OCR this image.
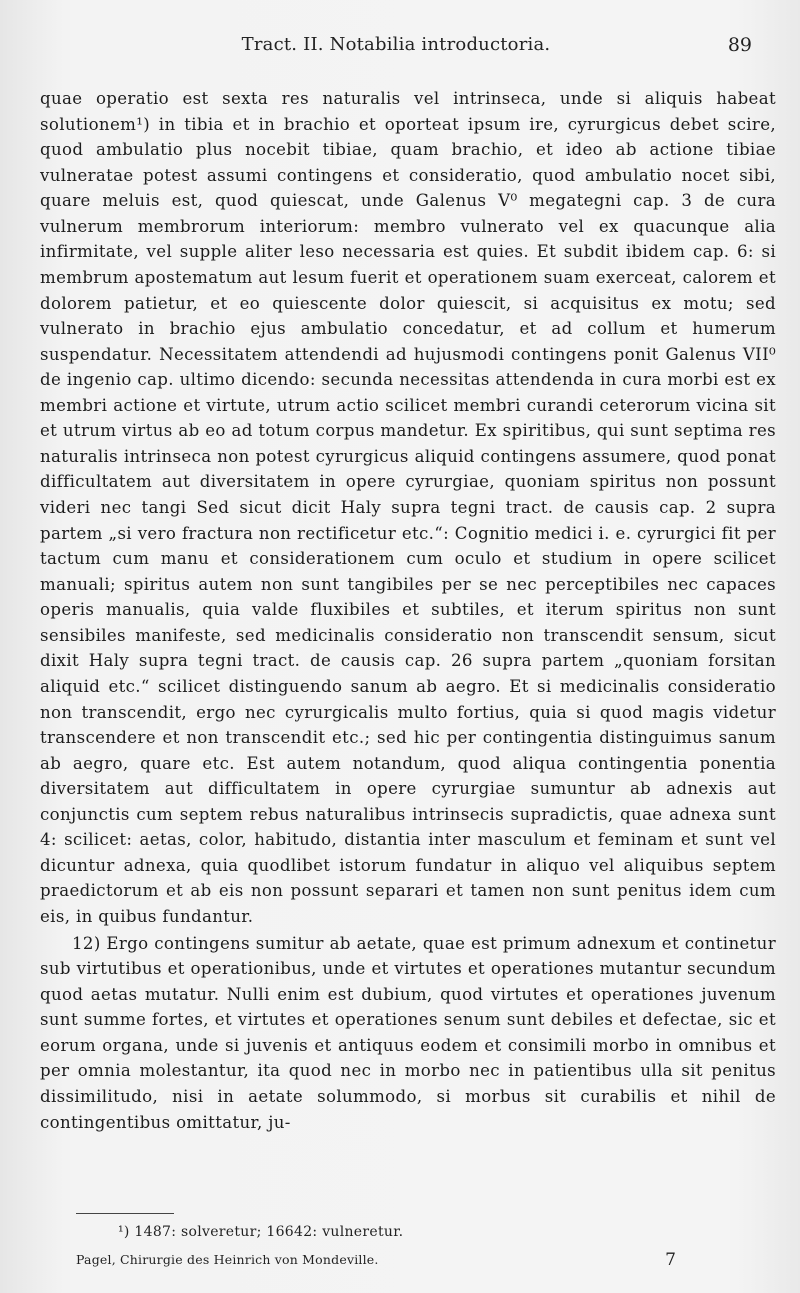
Tract. II. Notabilia introductoria.	89

quae operatio est sexta res naturalis vel intrinseca, unde si aliquis habeat solutionem¹) in tibia et in brachio et oporteat ipsum ire, cyrurgicus debet scire, quod ambulatio plus nocebit tibiae, quam brachio, et ideo ab actione tibiae vulneratae potest assumi contingens et consideratio, quod ambulatio nocet sibi, quare meluis est, quod quiescat, unde Galenus V⁰ megategni cap. 3 de cura vulnerum membrorum interiorum: membro vulnerato vel ex quacunque alia infirmitate, vel supple aliter leso necessaria est quies. Et subdit ibidem cap. 6: si membrum apostematum aut lesum fuerit et operationem suam exerceat, calorem et dolorem patietur, et eo quiescente dolor quiescit, si acquisitus ex motu; sed vulnerato in brachio ejus ambulatio concedatur, et ad collum et humerum suspendatur. Necessitatem attendendi ad hujusmodi contingens ponit Galenus VII⁰ de ingenio cap. ultimo dicendo: secunda necessitas attendenda in cura morbi est ex membri actione et virtute, utrum actio scilicet membri curandi ceterorum vicina sit et utrum virtus ab eo ad totum corpus mandetur. Ex spiritibus, qui sunt septima res naturalis intrinseca non potest cyrurgicus aliquid contingens assumere, quod ponat difficultatem aut diversitatem in opere cyrurgiae, quoniam spiritus non possunt videri nec tangi Sed sicut dicit Haly supra tegni tract. de causis cap. 2 supra partem „si vero fractura non rectificetur etc.“: Cognitio medici i. e. cyrurgici fit per tactum cum manu et considerationem cum oculo et studium in opere scilicet manuali; spiritus autem non sunt tangibiles per se nec perceptibiles nec capaces operis manualis, quia valde fluxibiles et subtiles, et iterum spiritus non sunt sensibiles manifeste, sed medicinalis consideratio non transcendit sensum, sicut dixit Haly supra tegni tract. de causis cap. 26 supra partem „quoniam forsitan aliquid etc.“ scilicet distinguendo sanum ab aegro. Et si medicinalis consideratio non transcendit, ergo nec cyrurgicalis multo fortius, quia si quod magis videtur transcendere et non transcendit etc.; sed hic per contingentia distinguimus sanum ab aegro, quare etc. Est autem notandum, quod aliqua contingentia ponentia diversitatem aut difficultatem in opere cyrurgiae sumuntur ab adnexis aut conjunctis cum septem rebus naturalibus intrinsecis supradictis, quae adnexa sunt 4: scilicet: aetas, color, habitudo, distantia inter masculum et feminam et sunt vel dicuntur adnexa, quia quodlibet istorum fundatur in aliquo vel aliquibus septem praedictorum et ab eis non possunt separari et tamen non sunt penitus idem cum eis, in quibus fundantur.

12) Ergo contingens sumitur ab aetate, quae est primum adnexum et continetur sub virtutibus et operationibus, unde et virtutes et operationes mutantur secundum quod aetas mutatur. Nulli enim est dubium, quod virtutes et operationes juvenum sunt summe fortes, et virtutes et operationes senum sunt debiles et defectae, sic et eorum organa, unde si juvenis et antiquus eodem et consimili morbo in omnibus et per omnia molestantur, ita quod nec in morbo nec in patientibus ulla sit penitus dissimilitudo, nisi in aetate solummodo, si morbus sit curabilis et nihil de contingentibus omittatur, ju-

¹) 1487: solveretur; 16642: vulneretur.
Pagel, Chirurgie des Heinrich von Mondeville.	7
